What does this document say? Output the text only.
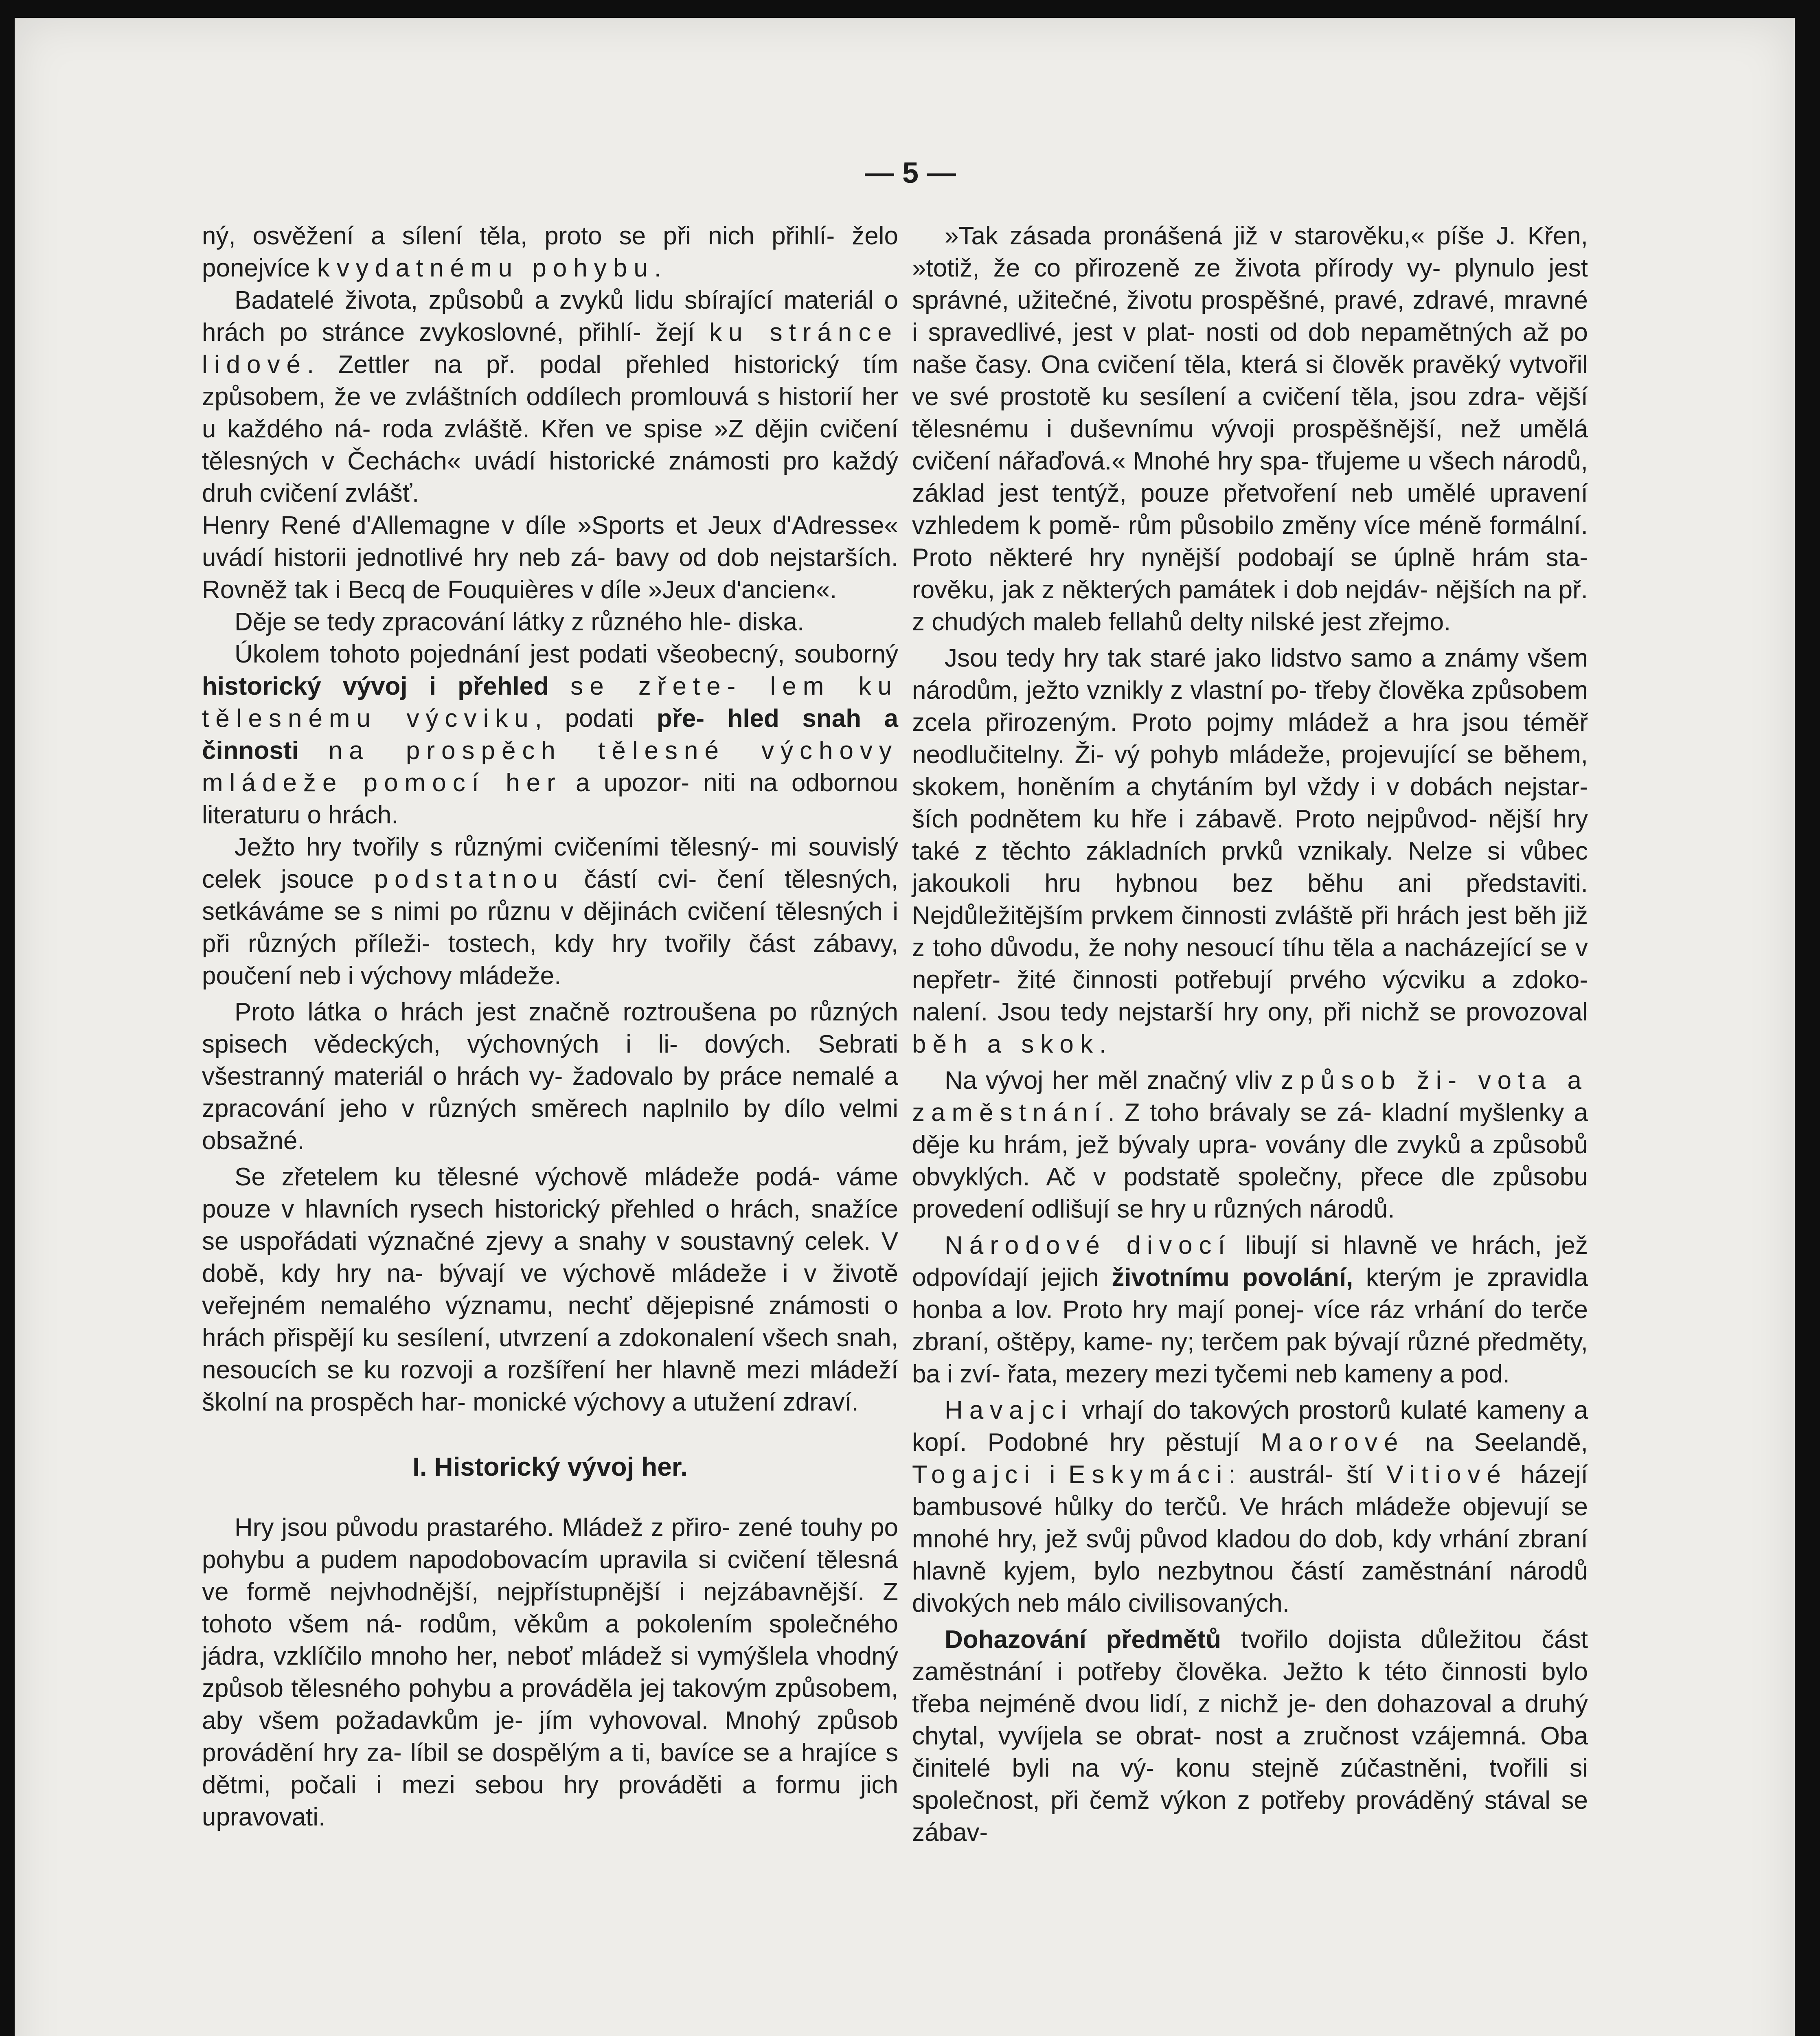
— 5 —

ný, osvěžení a sílení těla, proto se při nich přihlí- želo ponejvíce k vydatnému pohybu.

Badatelé života, způsobů a zvyků lidu sbírající materiál o hrách po stránce zvykoslovné, přihlí- žejí ku stránce lidové. Zettler na př. podal přehled historický tím způsobem, že ve zvláštních oddílech promlouvá s historií her u každého ná- roda zvláště. Křen ve spise »Z dějin cvičení tělesných v Čechách« uvádí historické známosti pro každý druh cvičení zvlášť.

Henry René d'Allemagne v díle »Sports et Jeux d'Adresse« uvádí historii jednotlivé hry neb zá- bavy od dob nejstarších. Rovněž tak i Becq de Fouquières v díle »Jeux d'ancien«.

Děje se tedy zpracování látky z různého hle- diska.

Úkolem tohoto pojednání jest podati všeobecný, souborný historický vývoj i přehled se zřete- lem ku tělesnému výcviku, podati pře- hled snah a činnosti na prospěch tělesné výchovy mládeže pomocí her a upozor- niti na odbornou literaturu o hrách.

Ježto hry tvořily s různými cvičeními tělesný- mi souvislý celek jsouce podstatnou částí cvi- čení tělesných, setkáváme se s nimi po různu v dějinách cvičení tělesných i při různých příleži- tostech, kdy hry tvořily část zábavy, poučení neb i výchovy mládeže.

Proto látka o hrách jest značně roztroušena po různých spisech vědeckých, výchovných i li- dových. Sebrati všestranný materiál o hrách vy- žadovalo by práce nemalé a zpracování jeho v různých směrech naplnilo by dílo velmi obsažné.

Se zřetelem ku tělesné výchově mládeže podá- váme pouze v hlavních rysech historický přehled o hrách, snažíce se uspořádati význačné zjevy a snahy v soustavný celek. V době, kdy hry na- bývají ve výchově mládeže i v životě veřejném nemalého významu, nechť dějepisné známosti o hrách přispějí ku sesílení, utvrzení a zdokonalení všech snah, nesoucích se ku rozvoji a rozšíření her hlavně mezi mládeží školní na prospěch har- monické výchovy a utužení zdraví.

I. Historický vývoj her.

Hry jsou původu prastarého. Mládež z přiro- zené touhy po pohybu a pudem napodobovacím upravila si cvičení tělesná ve formě nejvhodnější, nejpřístupnější i nejzábavnější. Z tohoto všem ná- rodům, věkům a pokolením společného jádra, vzklíčilo mnoho her, neboť mládež si vymýšlela vhodný způsob tělesného pohybu a prováděla jej takovým způsobem, aby všem požadavkům je- jím vyhovoval. Mnohý způsob provádění hry za- líbil se dospělým a ti, bavíce se a hrajíce s dětmi, počali i mezi sebou hry prováděti a formu jich upravovati.

»Tak zásada pronášená již v starověku,« píše J. Křen, »totiž, že co přirozeně ze života přírody vy- plynulo jest správné, užitečné, životu prospěšné, pravé, zdravé, mravné i spravedlivé, jest v plat- nosti od dob nepamětných až po naše časy. Ona cvičení těla, která si člověk pravěký vytvořil ve své prostotě ku sesílení a cvičení těla, jsou zdra- vější tělesnému i duševnímu vývoji prospěšnější, než umělá cvičení nářaďová.« Mnohé hry spa- třujeme u všech národů, základ jest tentýž, pouze přetvoření neb umělé upravení vzhledem k pomě- rům působilo změny více méně formální. Proto některé hry nynější podobají se úplně hrám sta- rověku, jak z některých památek i dob nejdáv- nějších na př. z chudých maleb fellahů delty nilské jest zřejmo.

Jsou tedy hry tak staré jako lidstvo samo a známy všem národům, ježto vznikly z vlastní po- třeby člověka způsobem zcela přirozeným. Proto pojmy mládež a hra jsou téměř neodlučitelny. Ži- vý pohyb mládeže, projevující se během, skokem, honěním a chytáním byl vždy i v dobách nejstar- ších podnětem ku hře i zábavě. Proto nejpůvod- nější hry také z těchto základních prvků vznikaly. Nelze si vůbec jakoukoli hru hybnou bez běhu ani představiti. Nejdůležitějším prvkem činnosti zvláště při hrách jest běh již z toho důvodu, že nohy nesoucí tíhu těla a nacházející se v nepřetr- žité činnosti potřebují prvého výcviku a zdoko- nalení. Jsou tedy nejstarší hry ony, při nichž se provozoval běh a skok.

Na vývoj her měl značný vliv způsob ži- vota a zaměstnání. Z toho brávaly se zá- kladní myšlenky a děje ku hrám, jež bývaly upra- vovány dle zvyků a způsobů obvyklých. Ač v podstatě společny, přece dle způsobu provedení odlišují se hry u různých národů.

Národové divocí libují si hlavně ve hrách, jež odpovídají jejich životnímu povolání, kterým je zpravidla honba a lov. Proto hry mají ponej- více ráz vrhání do terče zbraní, oštěpy, kame- ny; terčem pak bývají různé předměty, ba i zví- řata, mezery mezi tyčemi neb kameny a pod.

Havajci vrhají do takových prostorů kulaté kameny a kopí. Podobné hry pěstují Maorové na Seelandě, Togajci i Eskymáci: austrál- ští Vitiové házejí bambusové hůlky do terčů. Ve hrách mládeže objevují se mnohé hry, jež svůj původ kladou do dob, kdy vrhání zbraní hlavně kyjem, bylo nezbytnou částí zaměstnání národů divokých neb málo civilisovaných.

Dohazování předmětů tvořilo dojista důležitou část zaměstnání i potřeby člověka. Ježto k této činnosti bylo třeba nejméně dvou lidí, z nichž je- den dohazoval a druhý chytal, vyvíjela se obrat- nost a zručnost vzájemná. Oba činitelé byli na vý- konu stejně zúčastněni, tvořili si společnost, při čemž výkon z potřeby prováděný stával se zábav-
